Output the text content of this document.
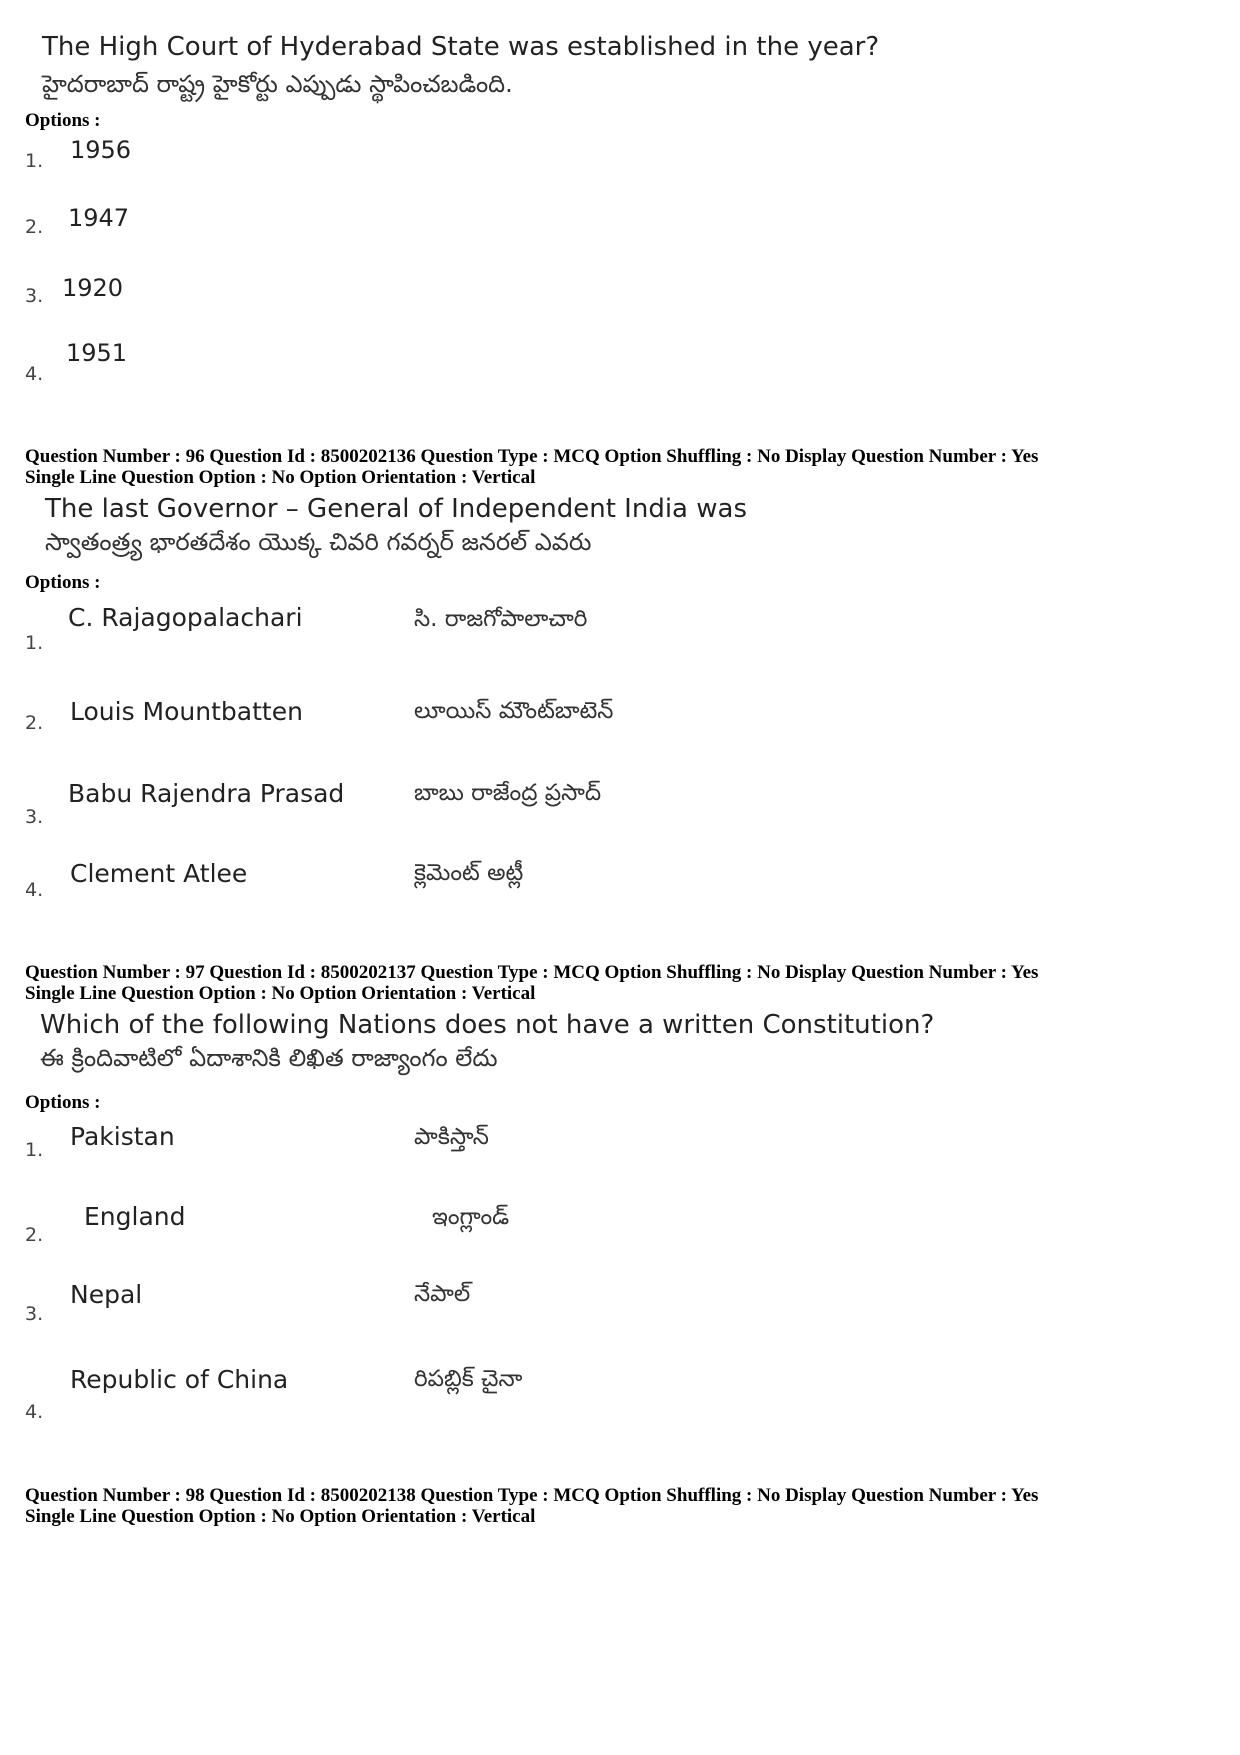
The High Court of Hyderabad State was established in the year?
హైదరాబాద్ రాష్ట్ర హైకోర్టు ఎప్పుడు స్థాపించబడింది.
Options :
1. 1956
2. 1947
3. 1920
4.
1951
Question Number : 96 Question Id : 8500202136 Question Type : MCQ Option Shuffling : No Display Question Number : Yes
Single Line Question Option : No Option Orientation : Vertical
The last Governor – General of Independent India was
స్వాతంత్ర్య భారతదేశం యొక్క చివరి గవర్నర్ జనరల్ ఎవరు
Options :
1.
C. Rajagopalachari	సి. రాజగోపాలాచారి
2. Louis Mountbatten	లూయిస్ మౌంట్‌బాటెన్
3.
Babu Rajendra Prasad	బాబు రాజేంద్ర ప్రసాద్
4.
Clement Atlee	క్లెమెంట్ అట్లీ
Question Number : 97 Question Id : 8500202137 Question Type : MCQ Option Shuffling : No Display Question Number : Yes
Single Line Question Option : No Option Orientation : Vertical
Which of the following Nations does not have a written Constitution?
ఈ క్రిందివాటిలో ఏదాశానికి లిఖిత రాజ్యాంగం లేదు
Options :
1. Pakistan	పాకిస్తాన్
2.
England	ఇంగ్లాండ్
3.
Nepal	నేపాల్
4.
Republic of China	రిపబ్లిక్ చైనా
Question Number : 98 Question Id : 8500202138 Question Type : MCQ Option Shuffling : No Display Question Number : Yes
Single Line Question Option : No Option Orientation : Vertical
